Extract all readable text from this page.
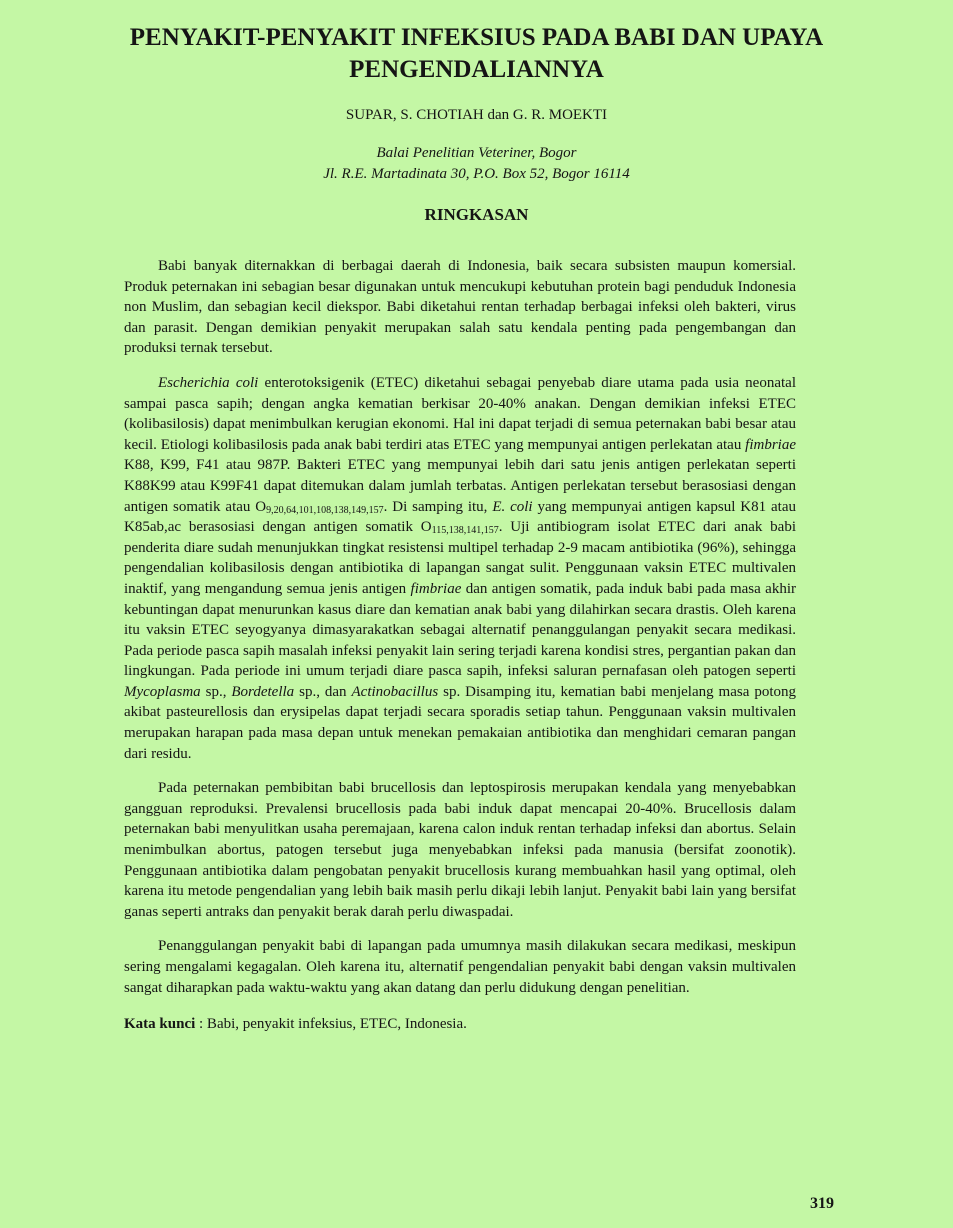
PENYAKIT-PENYAKIT INFEKSIUS PADA BABI DAN UPAYA PENGENDALIANNYA
SUPAR, S. CHOTIAH dan G. R. MOEKTI
Balai Penelitian Veteriner, Bogor
Jl. R.E. Martadinata 30, P.O. Box 52, Bogor 16114
RINGKASAN

Babi banyak diternakkan di berbagai daerah di Indonesia, baik secara subsisten maupun komersial. Produk peternakan ini sebagian besar digunakan untuk mencukupi kebutuhan protein bagi penduduk Indonesia non Muslim, dan sebagian kecil diekspor. Babi diketahui rentan terhadap berbagai infeksi oleh bakteri, virus dan parasit. Dengan demikian penyakit merupakan salah satu kendala penting pada pengembangan dan produksi ternak tersebut.

Escherichia coli enterotoksigenik (ETEC) diketahui sebagai penyebab diare utama pada usia neonatal sampai pasca sapih; dengan angka kematian berkisar 20-40% anakan. Dengan demikian infeksi ETEC (kolibasilosis) dapat menimbulkan kerugian ekonomi. Hal ini dapat terjadi di semua peternakan babi besar atau kecil. Etiologi kolibasilosis pada anak babi terdiri atas ETEC yang mempunyai antigen perlekatan atau fimbriae K88, K99, F41 atau 987P. Bakteri ETEC yang mempunyai lebih dari satu jenis antigen perlekatan seperti K88K99 atau K99F41 dapat ditemukan dalam jumlah terbatas. Antigen perlekatan tersebut berasosiasi dengan antigen somatik atau $O_{9,20,64,101,108,138,149,157}$. Di samping itu, E. coli yang mempunyai antigen kapsul K81 atau K85ab,ac berasosiasi dengan antigen somatik $O_{115,138,141,157}$. Uji antibiogram isolat ETEC dari anak babi penderita diare sudah menunjukkan tingkat resistensi multipel terhadap 2-9 macam antibiotika (96%), sehingga pengendalian kolibasilosis dengan antibiotika di lapangan sangat sulit. Penggunaan vaksin ETEC multivalen inaktif, yang mengandung semua jenis antigen fimbriae dan antigen somatik, pada induk babi pada masa akhir kebuntingan dapat menurunkan kasus diare dan kematian anak babi yang dilahirkan secara drastis. Oleh karena itu vaksin ETEC seyogyanya dimasyarakatkan sebagai alternatif penanggulangan penyakit secara medikasi. Pada periode pasca sapih masalah infeksi penyakit lain sering terjadi karena kondisi stres, pergantian pakan dan lingkungan. Pada periode ini umum terjadi diare pasca sapih, infeksi saluran pernafasan oleh patogen seperti Mycoplasma sp., Bordetella sp., dan Actinobacillus sp. Disamping itu, kematian babi menjelang masa potong akibat pasteurellosis dan erysipelas dapat terjadi secara sporadis setiap tahun. Penggunaan vaksin multivalen merupakan harapan pada masa depan untuk menekan pemakaian antibiotika dan menghidari cemaran pangan dari residu.

Pada peternakan pembibitan babi brucellosis dan leptospirosis merupakan kendala yang menyebabkan gangguan reproduksi. Prevalensi brucellosis pada babi induk dapat mencapai 20-40%. Brucellosis dalam peternakan babi menyulitkan usaha peremajaan, karena calon induk rentan terhadap infeksi dan abortus. Selain menimbulkan abortus, patogen tersebut juga menyebabkan infeksi pada manusia (bersifat zoonotik). Penggunaan antibiotika dalam pengobatan penyakit brucellosis kurang membuahkan hasil yang optimal, oleh karena itu metode pengendalian yang lebih baik masih perlu dikaji lebih lanjut. Penyakit babi lain yang bersifat ganas seperti antraks dan penyakit berak darah perlu diwaspadai.

Penanggulangan penyakit babi di lapangan pada umumnya masih dilakukan secara medikasi, meskipun sering mengalami kegagalan. Oleh karena itu, alternatif pengendalian penyakit babi dengan vaksin multivalen sangat diharapkan pada waktu-waktu yang akan datang dan perlu didukung dengan penelitian.

Kata kunci : Babi, penyakit infeksius, ETEC, Indonesia.
319
